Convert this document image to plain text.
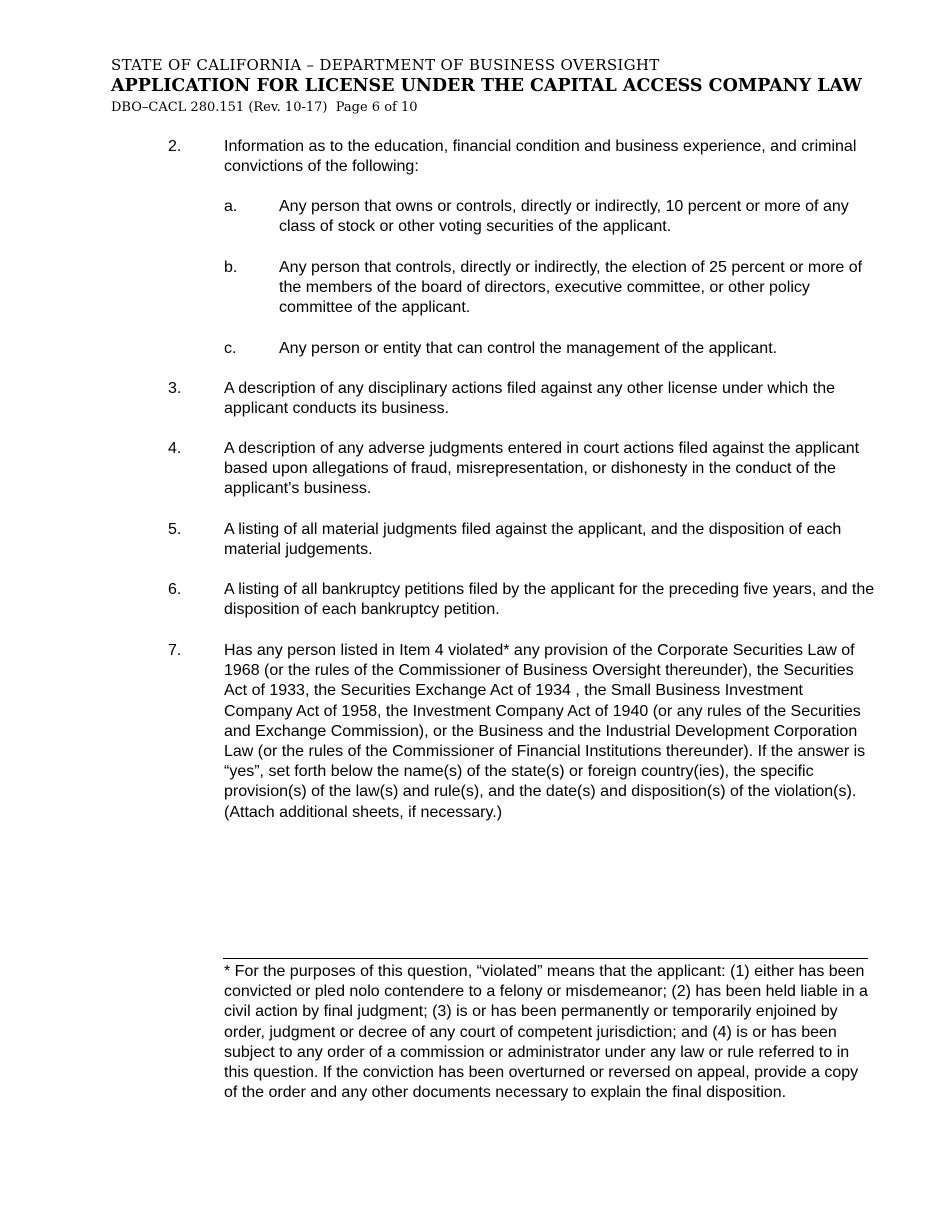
STATE OF CALIFORNIA – DEPARTMENT OF BUSINESS OVERSIGHT
APPLICATION FOR LICENSE UNDER THE CAPITAL ACCESS COMPANY LAW
DBO–CACL 280.151 (Rev. 10-17) Page 6 of 10
2.	Information as to the education, financial condition and business experience, and criminal convictions of the following:
a.	Any person that owns or controls, directly or indirectly, 10 percent or more of any class of stock or other voting securities of the applicant.
b.	Any person that controls, directly or indirectly, the election of 25 percent or more of the members of the board of directors, executive committee, or other policy committee of the applicant.
c.	Any person or entity that can control the management of the applicant.
3.	A description of any disciplinary actions filed against any other license under which the applicant conducts its business.
4.	A description of any adverse judgments entered in court actions filed against the applicant based upon allegations of fraud, misrepresentation, or dishonesty in the conduct of the applicant’s business.
5.	A listing of all material judgments filed against the applicant, and the disposition of each material judgements.
6.	A listing of all bankruptcy petitions filed by the applicant for the preceding five years, and the disposition of each bankruptcy petition.
7.	Has any person listed in Item 4 violated* any provision of the Corporate Securities Law of 1968 (or the rules of the Commissioner of Business Oversight thereunder), the Securities Act of 1933, the Securities Exchange Act of 1934 , the Small Business Investment Company Act of 1958, the Investment Company Act of 1940 (or any rules of the Securities and Exchange Commission), or the Business and the Industrial Development Corporation Law (or the rules of the Commissioner of Financial Institutions thereunder). If the answer is “yes”, set forth below the name(s) of the state(s) or foreign country(ies), the specific provision(s) of the law(s) and rule(s), and the date(s) and disposition(s) of the violation(s). (Attach additional sheets, if necessary.)
* For the purposes of this question, “violated” means that the applicant: (1) either has been convicted or pled nolo contendere to a felony or misdemeanor; (2) has been held liable in a civil action by final judgment; (3) is or has been permanently or temporarily enjoined by order, judgment or decree of any court of competent jurisdiction; and (4) is or has been subject to any order of a commission or administrator under any law or rule referred to in this question. If the conviction has been overturned or reversed on appeal, provide a copy of the order and any other documents necessary to explain the final disposition.
